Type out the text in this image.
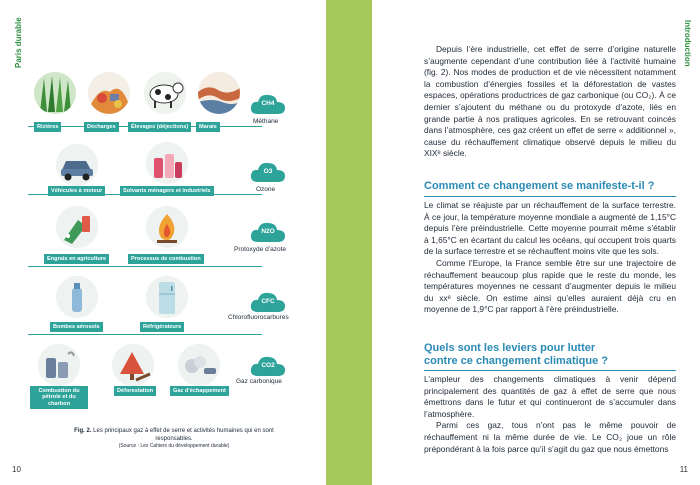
Paris durable
Rizières	Décharges	Élevages (déjections)	Marais
CH4
Méthane
Véhicules à moteur	Solvants ménagers et industriels
O3
Ozone
Engrais en agriculture	Processus de combustion
N2O
Protoxyde d’azote
Bombes aérosols	Réfrigérateurs
CFC
Chlorofluorocarbures
Combustion du pétrole et du charbon
Déforestation	Gaz d’échappement
CO2
Gaz carbonique
Fig. 2. Les principaux gaz à effet de serre et activités humaines qui en sont responsables.
(Source : Les Cahiers du développement durable)
10
Introduction
11

Depuis l’ère industrielle, cet effet de serre d’origine naturelle s’augmente cependant d’une contribution liée à l’activité humaine (fig. 2). Nos modes de production et de vie nécessitent notamment la combustion d’énergies fossiles et la déforestation de vastes espaces, opérations productrices de gaz carbonique (ou CO₂). À ce dernier s’ajoutent du méthane ou du protoxyde d’azote, liés en grande partie à nos pratiques agricoles. En se retrouvant coincés dans l’atmosphère, ces gaz créent un effet de serre « additionnel », cause du réchauffement climatique observé depuis le milieu du XIXᵉ siècle.

Comment ce changement se manifeste-t-il ?

Le climat se réajuste par un réchauffement de la surface terrestre. À ce jour, la température moyenne mondiale a augmenté de 1,15°C depuis l’ère préindustrielle. Cette moyenne pourrait même s’établir à 1,65°C en écartant du calcul les océans, qui occupent trois quarts de la surface terrestre et se réchauffent moins vite que les sols.

Comme l’Europe, la France semble être sur une trajectoire de réchauffement beaucoup plus rapide que le reste du monde, les températures moyennes ne cessant d’augmenter depuis le milieu du xxᵉ siècle. On estime ainsi qu’elles auraient déjà cru en moyenne de 1,9°C par rapport à l’ère préindustrielle.

Quels sont les leviers pour lutter
contre ce changement climatique ?

L’ampleur des changements climatiques à venir dépend principalement des quantités de gaz à effet de serre que nous émettrons dans le futur et qui continueront de s’accumuler dans l’atmosphère.

Parmi ces gaz, tous n’ont pas le même pouvoir de réchauffement ni la même durée de vie. Le CO₂ joue un rôle prépondérant à la fois parce qu’il s’agit du gaz que nous émettons
